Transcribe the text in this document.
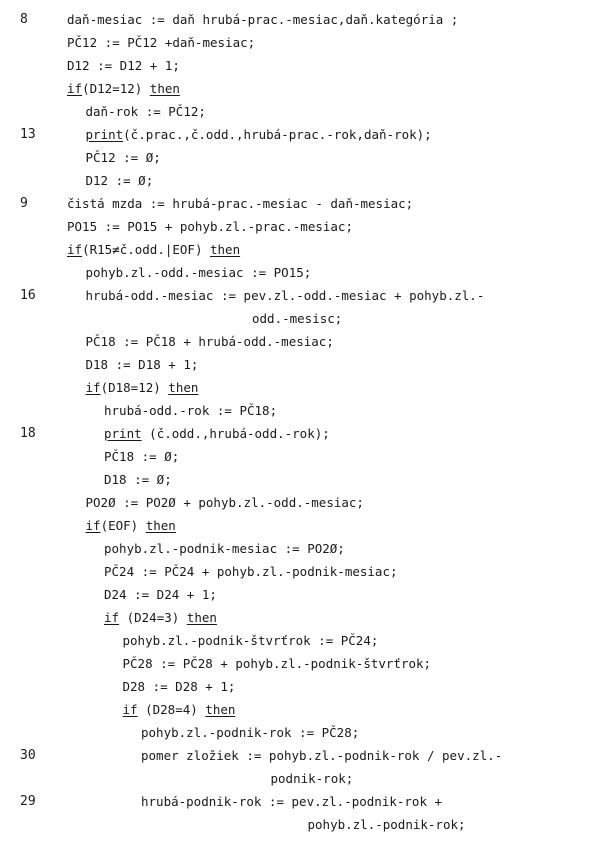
8	daň-mesiac := daň hrubá-prac.-mesiac,daň.kategória ;
PČ12 := PČ12 +daň-mesiac;
D12 := D12 + 1;
if(D12=12) then
daň-rok := PČ12;
13	print(č.prac.,č.odd.,hrubá-prac.-rok,daň-rok);
PČ12 := Ø;
D12 := Ø;
9	čistá mzda := hrubá-prac.-mesiac - daň-mesiac;
PO15 := PO15 + pohyb.zl.-prac.-mesiac;
if(R15≠č.odd.|EOF) then
pohyb.zl.-odd.-mesiac := PO15;
16	hrubá-odd.-mesiac := pev.zl.-odd.-mesiac + pohyb.zl.-
odd.-mesisc;
PČ18 := PČ18 + hrubá-odd.-mesiac;
D18 := D18 + 1;
if(D18=12) then
hrubá-odd.-rok := PČ18;
18	print (č.odd.,hrubá-odd.-rok);
PČ18 := Ø;
D18 := Ø;
PO2Ø := PO2Ø + pohyb.zl.-odd.-mesiac;
if(EOF) then
pohyb.zl.-podnik-mesiac := PO2Ø;
PČ24 := PČ24 + pohyb.zl.-podnik-mesiac;
D24 := D24 + 1;
if (D24=3) then
pohyb.zl.-podnik-štvrťrok := PČ24;
PČ28 := PČ28 + pohyb.zl.-podnik-štvrťrok;
D28 := D28 + 1;
if (D28=4) then
pohyb.zl.-podnik-rok := PČ28;
30	pomer zložiek := pohyb.zl.-podnik-rok / pev.zl.-
podnik-rok;
29	hrubá-podnik-rok := pev.zl.-podnik-rok +
pohyb.zl.-podnik-rok;
